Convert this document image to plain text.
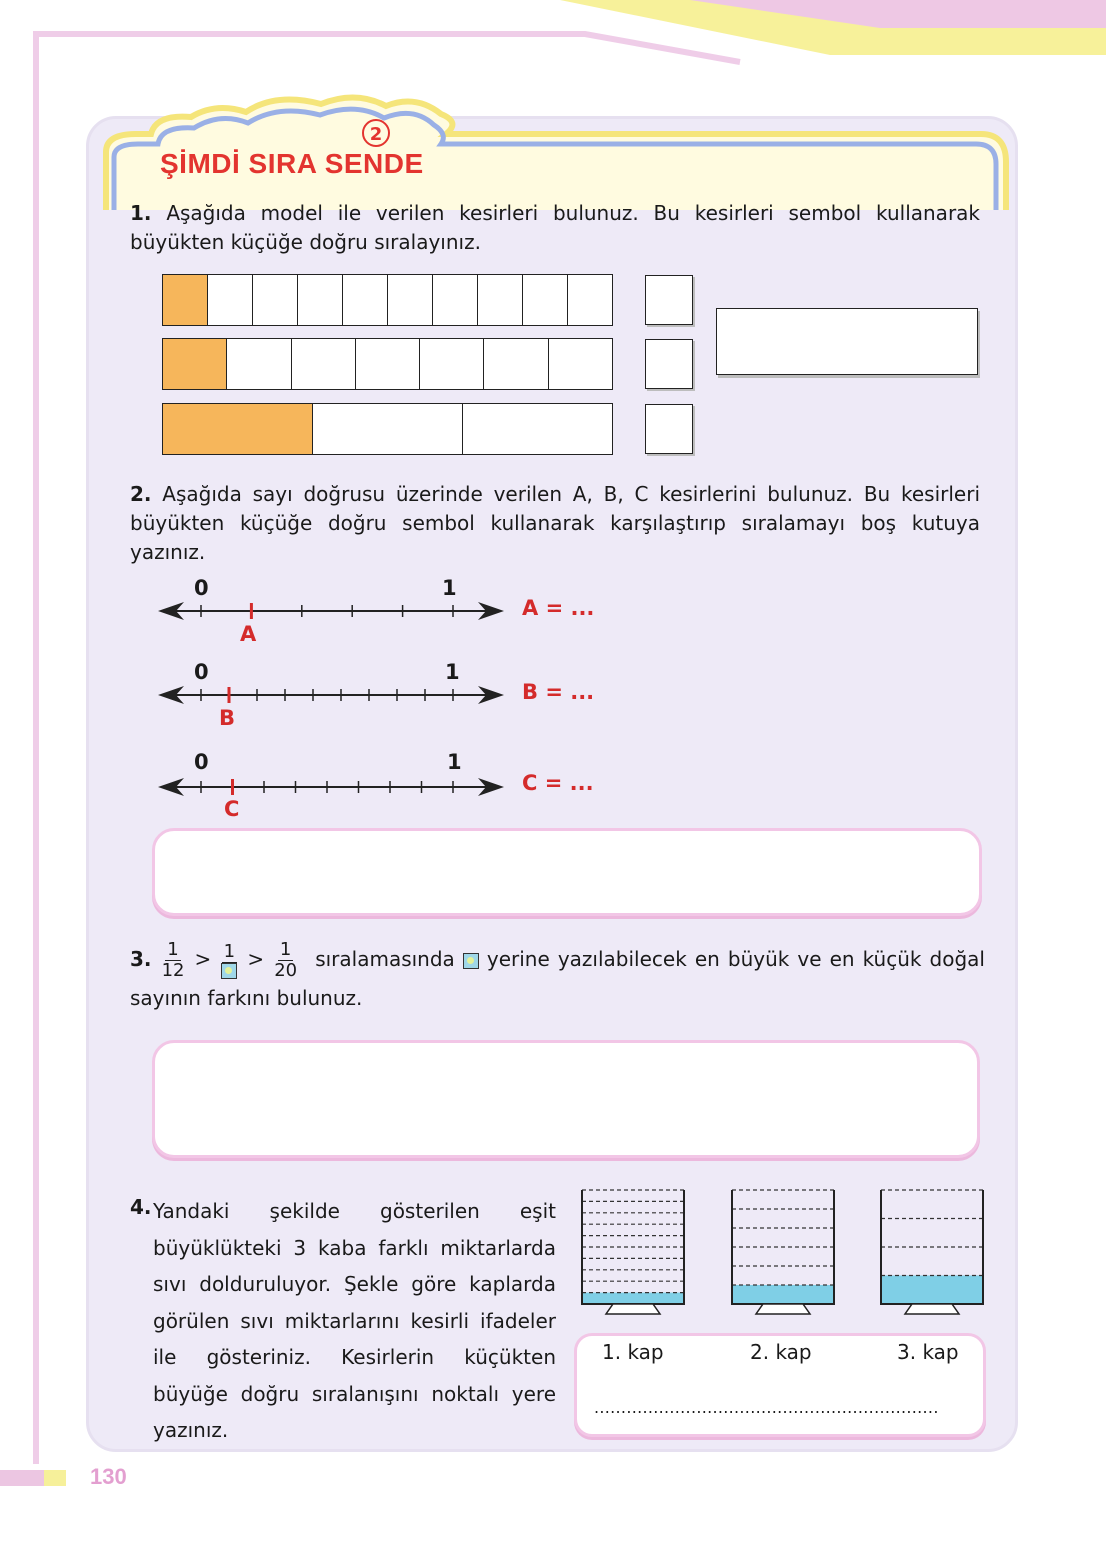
2
ŞİMDİ SIRA SENDE
1. Aşağıda model ile verilen kesirleri bulunuz. Bu kesirleri sembol kullanarak büyükten küçüğe doğru sıralayınız.
2. Aşağıda sayı doğrusu üzerinde verilen A, B, C kesirlerini bulunuz. Bu kesirleri büyükten küçüğe doğru sembol kullanarak karşılaştırıp sıralamayı boş kutuya yazınız.
0	1
A
A = ...
0	1
B
B = ...
0	1
C
C = ...
3. $\frac{1}{12} > 1 > \frac{1}{20}$ sıralamasında yerine yazılabilecek en büyük ve en küçük doğal sayının farkını bulunuz.
4. Yandaki şekilde gösterilen eşit büyüklükteki 3 kaba farklı miktarlarda sıvı dolduruluyor. Şekle göre kaplarda görülen sıvı miktarlarını kesirli ifadeler ile gösteriniz. Kesirlerin küçükten büyüğe doğru sıralanışını noktalı yere yazınız.
1. kap	2. kap	3. kap
................................................................
130
